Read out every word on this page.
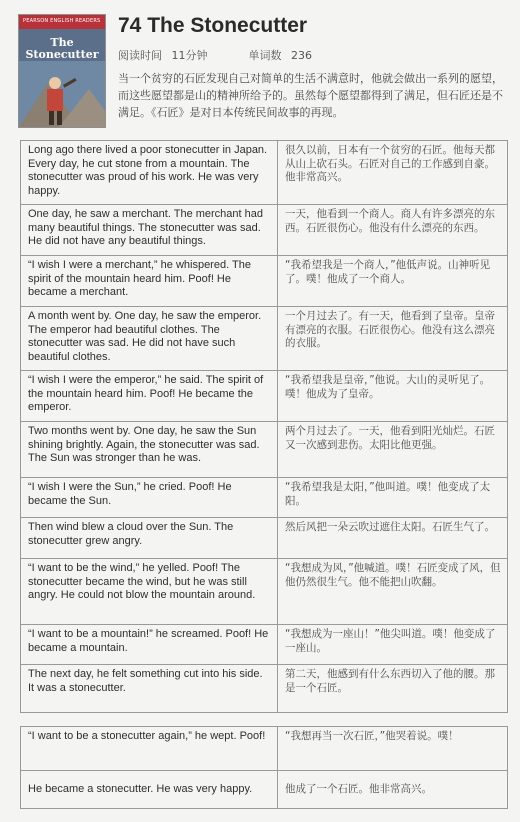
PEARSON ENGLISH READERS
The
Stonecutter
74 The Stonecutter
阅读时间 11分钟	单词数 236
当一个贫穷的石匠发现自己对简单的生活不满意时，他就会做出一系列的愿望，而这些愿望都是山的精神所给予的。虽然每个愿望都得到了满足，但石匠还是不满足。《石匠》是对日本传统民间故事的再现。
Long ago there lived a poor stonecutter in Japan. Every day, he cut stone from a mountain. The stonecutter was proud of his work. He was very happy.	很久以前，日本有一个贫穷的石匠。他每天都从山上砍石头。石匠对自己的工作感到自豪。他非常高兴。
One day, he saw a merchant. The merchant had many beautiful things. The stonecutter was sad. He did not have any beautiful things.	一天，他看到一个商人。商人有许多漂亮的东西。石匠很伤心。他没有什么漂亮的东西。
“I wish I were a merchant,” he whispered. The spirit of the mountain heard him. Poof! He became a merchant.	“我希望我是一个商人，”他低声说。山神听见了。噗！他成了一个商人。
A month went by. One day, he saw the emperor. The emperor had beautiful clothes. The stonecutter was sad. He did not have such beautiful clothes.	一个月过去了。有一天，他看到了皇帝。皇帝有漂亮的衣服。石匠很伤心。他没有这么漂亮的衣服。
“I wish I were the emperor,” he said. The spirit of the mountain heard him. Poof! He became the emperor.	“我希望我是皇帝，”他说。大山的灵听见了。噗！他成为了皇帝。
Two months went by. One day, he saw the Sun shining brightly. Again, the stonecutter was sad. The Sun was stronger than he was.	两个月过去了。一天，他看到阳光灿烂。石匠又一次感到悲伤。太阳比他更强。
“I wish I were the Sun,” he cried. Poof! He became the Sun.	“我希望我是太阳，”他叫道。噗！他变成了太阳。
Then wind blew a cloud over the Sun. The stonecutter grew angry.	然后风把一朵云吹过遮住太阳。石匠生气了。
“I want to be the wind,” he yelled. Poof! The stonecutter became the wind, but he was still angry. He could not blow the mountain around.	“我想成为风，”他喊道。噗！石匠变成了风，但他仍然很生气。他不能把山吹翻。
“I want to be a mountain!” he screamed. Poof! He became a mountain.	“我想成为一座山！”他尖叫道。噗！他变成了一座山。
The next day, he felt something cut into his side. It was a stonecutter.	第二天，他感到有什么东西切入了他的腰。那是一个石匠。
“I want to be a stonecutter again,” he wept. Poof!	“我想再当一次石匠，”他哭着说。噗！
He became a stonecutter. He was very happy.	他成了一个石匠。他非常高兴。
